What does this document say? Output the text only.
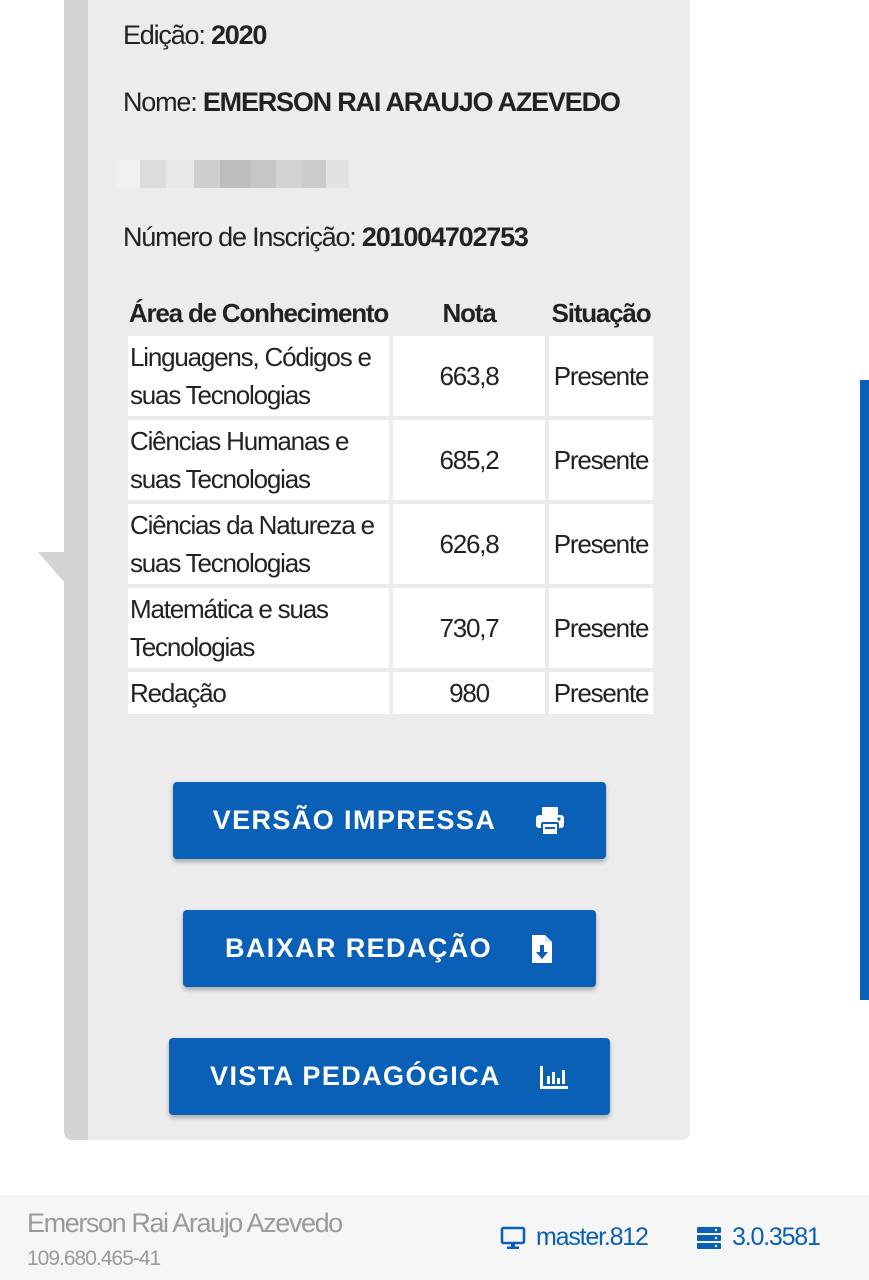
Edição: 2020
Nome: EMERSON RAI ARAUJO AZEVEDO
Número de Inscrição: 201004702753
Área de Conhecimento	Nota	Situação
Linguagens, Códigos e suas Tecnologias	663,8	Presente
Ciências Humanas e suas Tecnologias	685,2	Presente
Ciências da Natureza e suas Tecnologias	626,8	Presente
Matemática e suas Tecnologias	730,7	Presente
Redação	980	Presente
VERSÃO IMPRESSA
BAIXAR REDAÇÃO
VISTA PEDAGÓGICA
Emerson Rai Araujo Azevedo
109.680.465-41
master.812	3.0.3581
